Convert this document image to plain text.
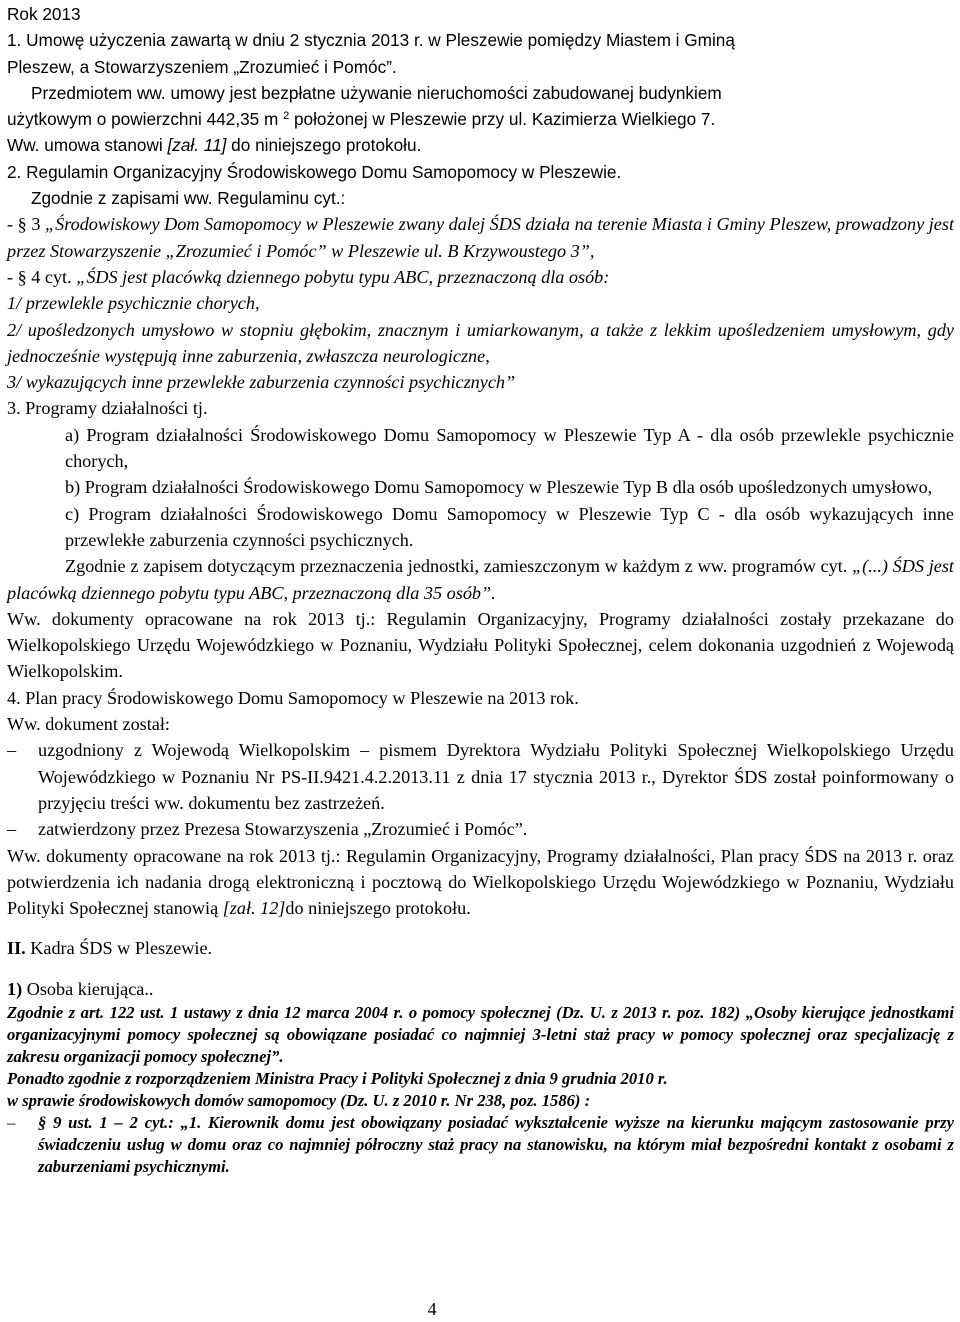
Rok 2013

1. Umowę użyczenia zawartą w dniu 2 stycznia 2013 r. w Pleszewie pomiędzy Miastem i Gminą

Pleszew, a Stowarzyszeniem „Zrozumieć i Pomóc”.

Przedmiotem ww. umowy jest bezpłatne używanie nieruchomości zabudowanej budynkiem

użytkowym o powierzchni 442,35 m $^2$ położonej w Pleszewie przy ul. Kazimierza Wielkiego 7.

Ww. umowa stanowi [zał. 11] do niniejszego protokołu.

2. Regulamin Organizacyjny Środowiskowego Domu Samopomocy w Pleszewie.

Zgodnie z zapisami ww. Regulaminu cyt.:

- § 3 „Środowiskowy Dom Samopomocy w Pleszewie zwany dalej ŚDS działa na terenie Miasta i Gminy Pleszew, prowadzony jest przez Stowarzyszenie „Zrozumieć i Pomóc” w Pleszewie ul. B Krzywoustego 3”,

- § 4 cyt. „ŚDS jest placówką dziennego pobytu typu ABC, przeznaczoną dla osób:

1/ przewlekle psychicznie chorych,

2/ upośledzonych umysłowo w stopniu głębokim, znacznym i umiarkowanym, a także z lekkim upośledzeniem umysłowym, gdy jednocześnie występują inne zaburzenia, zwłaszcza neurologiczne,

3/ wykazujących inne przewlekłe zaburzenia czynności psychicznych”

3. Programy działalności tj.

a) Program działalności Środowiskowego Domu Samopomocy w Pleszewie Typ A - dla osób przewlekle psychicznie chorych,

b) Program działalności Środowiskowego Domu Samopomocy w Pleszewie Typ B dla osób upośledzonych umysłowo,

c) Program działalności Środowiskowego Domu Samopomocy w Pleszewie Typ C - dla osób wykazujących inne przewlekłe zaburzenia czynności psychicznych.

Zgodnie z zapisem dotyczącym przeznaczenia jednostki, zamieszczonym w każdym z ww. programów cyt. „(...) ŚDS jest placówką dziennego pobytu typu ABC, przeznaczoną dla 35 osób”.

Ww. dokumenty opracowane na rok 2013 tj.: Regulamin Organizacyjny, Programy działalności zostały przekazane do Wielkopolskiego Urzędu Wojewódzkiego w Poznaniu, Wydziału Polityki Społecznej, celem dokonania uzgodnień z Wojewodą Wielkopolskim.

4. Plan pracy Środowiskowego Domu Samopomocy w Pleszewie na 2013 rok.

Ww. dokument został:

– uzgodniony z Wojewodą Wielkopolskim – pismem Dyrektora Wydziału Polityki Społecznej Wielkopolskiego Urzędu Wojewódzkiego w Poznaniu Nr PS-II.9421.4.2.2013.11 z dnia 17 stycznia 2013 r., Dyrektor ŚDS został poinformowany o przyjęciu treści ww. dokumentu bez zastrzeżeń.

– zatwierdzony przez Prezesa Stowarzyszenia „Zrozumieć i Pomóc”.

Ww. dokumenty opracowane na rok 2013 tj.: Regulamin Organizacyjny, Programy działalności, Plan pracy ŚDS na 2013 r. oraz potwierdzenia ich nadania drogą elektroniczną i pocztową do Wielkopolskiego Urzędu Wojewódzkiego w Poznaniu, Wydziału Polityki Społecznej stanowią [zał. 12]do niniejszego protokołu.

II. Kadra ŚDS w Pleszewie.

1) Osoba kierująca..

Zgodnie z art. 122 ust. 1 ustawy z dnia 12 marca 2004 r. o pomocy społecznej (Dz. U. z 2013 r. poz. 182) „Osoby kierujące jednostkami organizacyjnymi pomocy społecznej są obowiązane posiadać co najmniej 3-letni staż pracy w pomocy społecznej oraz specjalizację z zakresu organizacji pomocy społecznej”.

Ponadto zgodnie z rozporządzeniem Ministra Pracy i Polityki Społecznej z dnia 9 grudnia 2010 r.

w sprawie środowiskowych domów samopomocy (Dz. U. z 2010 r. Nr 238, poz. 1586) :

– § 9 ust. 1 – 2 cyt.: „1. Kierownik domu jest obowiązany posiadać wykształcenie wyższe na kierunku mającym zastosowanie przy świadczeniu usług w domu oraz co najmniej półroczny staż pracy na stanowisku, na którym miał bezpośredni kontakt z osobami z zaburzeniami psychicznymi.

4
